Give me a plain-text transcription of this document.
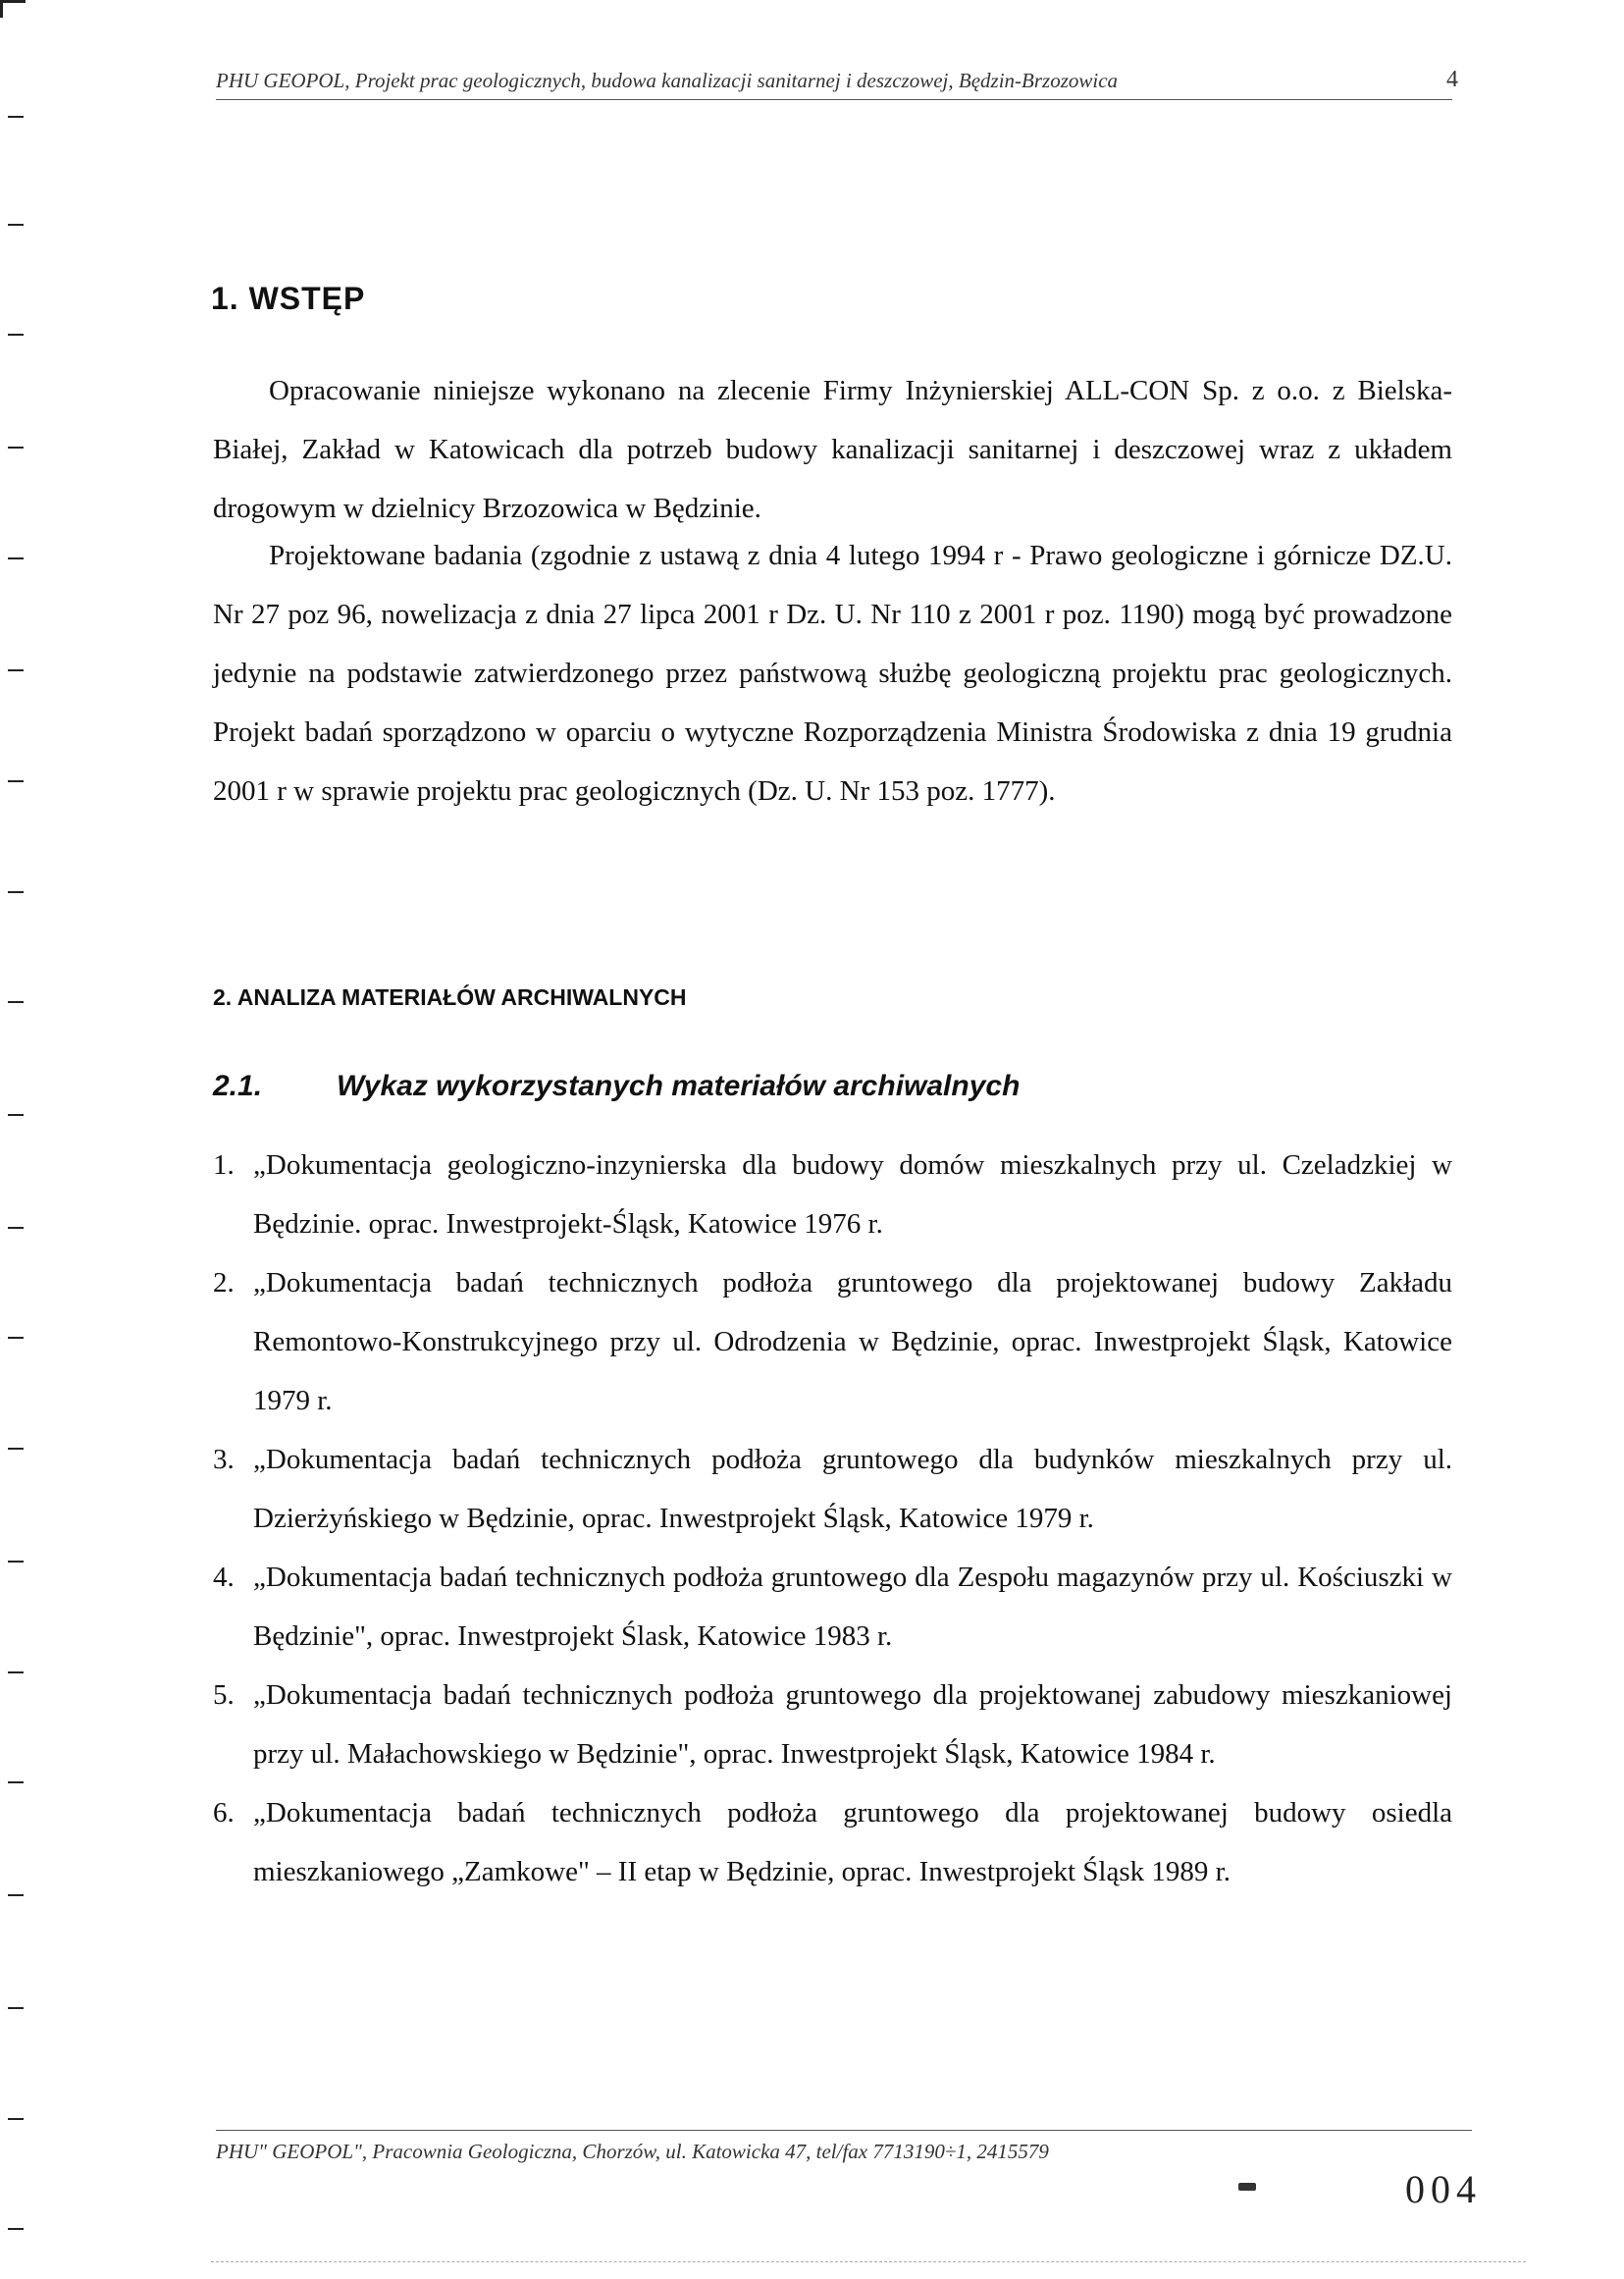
PHU GEOPOL, Projekt prac geologicznych, budowa kanalizacji sanitarnej i deszczowej, Będzin-Brzozowica	4
1. WSTĘP

Opracowanie niniejsze wykonano na zlecenie Firmy Inżynierskiej ALL-CON Sp. z o.o. z Bielska-Białej, Zakład w Katowicach dla potrzeb budowy kanalizacji sanitarnej i deszczowej wraz z układem drogowym w dzielnicy Brzozowica w Będzinie.

Projektowane badania (zgodnie z ustawą z dnia 4 lutego 1994 r - Prawo geologiczne i górnicze DZ.U. Nr 27 poz 96, nowelizacja z dnia 27 lipca 2001 r Dz. U. Nr 110 z 2001 r poz. 1190) mogą być prowadzone jedynie na podstawie zatwierdzonego przez państwową służbę geologiczną projektu prac geologicznych. Projekt badań sporządzono w oparciu o wytyczne Rozporządzenia Ministra Środowiska z dnia 19 grudnia 2001 r w sprawie projektu prac geologicznych (Dz. U. Nr 153 poz. 1777).

2. ANALIZA MATERIAŁÓW ARCHIWALNYCH
2.1.	Wykaz wykorzystanych materiałów archiwalnych
1. „Dokumentacja geologiczno-inzynierska dla budowy domów mieszkalnych przy ul. Czeladzkiej w Będzinie. oprac. Inwestprojekt-Śląsk, Katowice 1976 r.
2. „Dokumentacja badań technicznych podłoża gruntowego dla projektowanej budowy Zakładu Remontowo-Konstrukcyjnego przy ul. Odrodzenia w Będzinie, oprac. Inwestprojekt Śląsk, Katowice 1979 r.
3. „Dokumentacja badań technicznych podłoża gruntowego dla budynków mieszkalnych przy ul. Dzierżyńskiego w Będzinie, oprac. Inwestprojekt Śląsk, Katowice 1979 r.
4. „Dokumentacja badań technicznych podłoża gruntowego dla Zespołu magazynów przy ul. Kościuszki w Będzinie", oprac. Inwestprojekt Ślask, Katowice 1983 r.
5. „Dokumentacja badań technicznych podłoża gruntowego dla projektowanej zabudowy mieszkaniowej przy ul. Małachowskiego w Będzinie", oprac. Inwestprojekt Śląsk, Katowice 1984 r.
6. „Dokumentacja badań technicznych podłoża gruntowego dla projektowanej budowy osiedla mieszkaniowego „Zamkowe" – II etap w Będzinie, oprac. Inwestprojekt Śląsk 1989 r.
PHU" GEOPOL", Pracownia Geologiczna, Chorzów, ul. Katowicka 47, tel/fax 7713190÷1, 2415579
004
